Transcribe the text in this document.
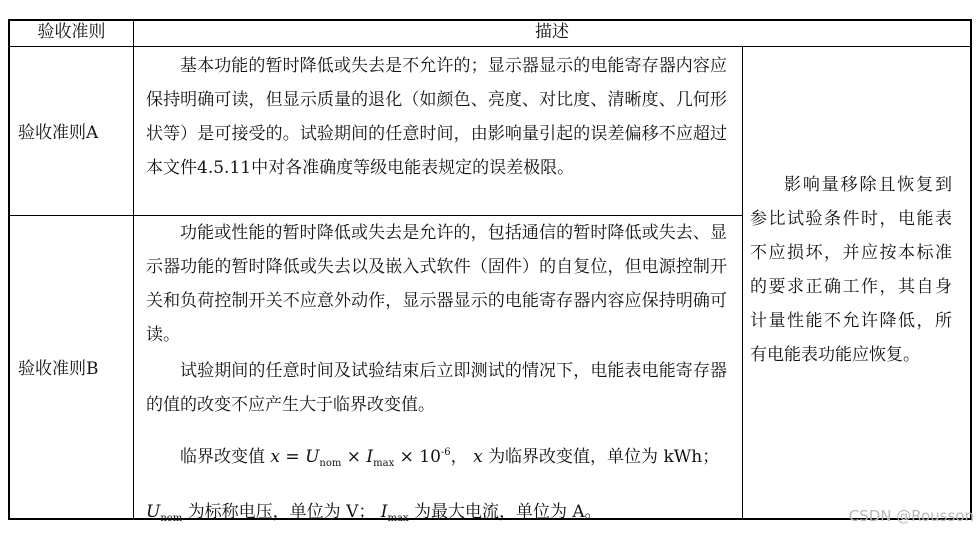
验收准则	描述
验收准则A

基本功能的暂时降低或失去是不允许的；显示器显示的电能寄存器内容应保持明确可读，但显示质量的退化（如颜色、亮度、对比度、清晰度、几何形状等）是可接受的。试验期间的任意时间，由影响量引起的误差偏移不应超过本文件4.5.11中对各准确度等级电能表规定的误差极限。

验收准则B

功能或性能的暂时降低或失去是允许的，包括通信的暂时降低或失去、显示器功能的暂时降低或失去以及嵌入式软件（固件）的自复位，但电源控制开关和负荷控制开关不应意外动作，显示器显示的电能寄存器内容应保持明确可读。

试验期间的任意时间及试验结束后立即测试的情况下，电能表电能寄存器的值的改变不应产生大于临界改变值。

临界改变值 $x = U_{nom} \times I_{max} \times 10^{-6}$， x 为临界改变值，单位为 kWh；

$U_{nom}$ 为标称电压，单位为 V； $I_{max}$ 为最大电流，单位为 A。

影响量移除且恢复到参比试验条件时，电能表不应损坏，并应按本标准的要求正确工作，其自身计量性能不允许降低，所有电能表功能应恢复。

CSDN @Rousson
